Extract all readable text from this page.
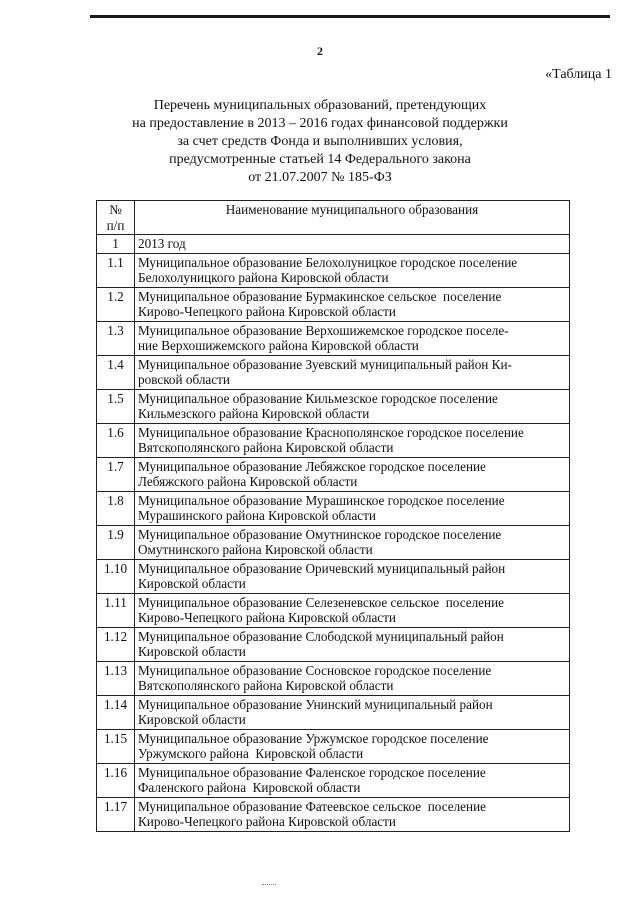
2
«Таблица 1
Перечень муниципальных образований, претендующих
на предоставление в 2013 – 2016 годах финансовой поддержки
за счет средств Фонда и выполнивших условия,
предусмотренные статьей 14 Федерального закона
от 21.07.2007 № 185-ФЗ
№
п/п	Наименование муниципального образования
1	2013 год
1.1	Муниципальное образование Белохолуницкое городское поселение
Белохолуницкого района Кировской области

1.2	Муниципальное образование Бурмакинское сельское  поселение
Кирово-Чепецкого района Кировской области

1.3	Муниципальное образование Верхошижемское городское поселе-
ние Верхошижемского района Кировской области

1.4	Муниципальное образование Зуевский муниципальный район Ки-
ровской области

1.5	Муниципальное образование Кильмезское городское поселение
Кильмезского района Кировской области

1.6	Муниципальное образование Краснополянское городское поселение
Вятскополянского района Кировской области

1.7	Муниципальное образование Лебяжское городское поселение
Лебяжского района Кировской области

1.8	Муниципальное образование Мурашинское городское поселение
Мурашинского района Кировской области

1.9	Муниципальное образование Омутнинское городское поселение
Омутнинского района Кировской области

1.10	Муниципальное образование Оричевский муниципальный район
Кировской области

1.11	Муниципальное образование Селезеневское сельское  поселение
Кирово-Чепецкого района Кировской области

1.12	Муниципальное образование Слободской муниципальный район
Кировской области

1.13	Муниципальное образование Сосновское городское поселение
Вятскополянского района Кировской области

1.14	Муниципальное образование Унинский муниципальный район
Кировской области

1.15	Муниципальное образование Уржумское городское поселение
Уржумского района  Кировской области

1.16	Муниципальное образование Фаленское городское поселение
Фаленского района  Кировской области

1.17	Муниципальное образование Фатеевское сельское  поселение
Кирово-Чепецкого района Кировской области
